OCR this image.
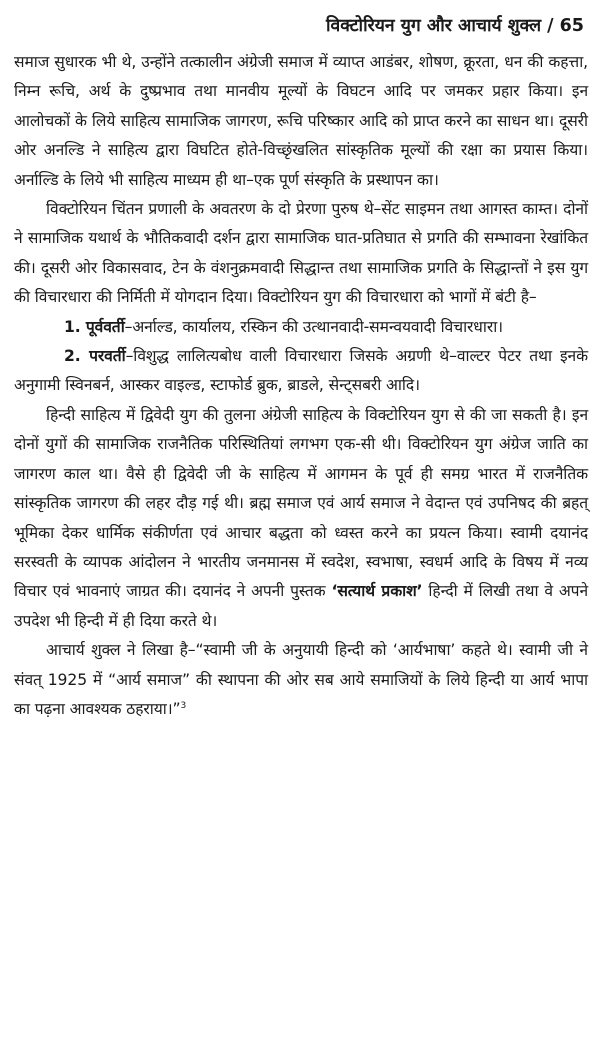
विक्टोरियन युग और आचार्य शुक्ल / 65

समाज सुधारक भी थे, उन्होंने तत्कालीन अंग्रेजी समाज में व्याप्त आडंबर, शोषण, क्रूरता, धन की कहत्ता, निम्न रूचि, अर्थ के दुष्प्रभाव तथा मानवीय मूल्यों के विघटन आदि पर जमकर प्रहार किया। इन आलोचकों के लिये साहित्य सामाजिक जागरण, रूचि परिष्कार आदि को प्राप्त करने का साधन था। दूसरी ओर अनल्डि ने साहित्य द्वारा विघटित होते-विच्छृंखलित सांस्कृतिक मूल्यों की रक्षा का प्रयास किया। अर्नाल्डि के लिये भी साहित्य माध्यम ही था–एक पूर्ण संस्कृति के प्रस्थापन का।

विक्टोरियन चिंतन प्रणाली के अवतरण के दो प्रेरणा पुरुष थे–सेंट साइमन तथा आगस्त काम्त। दोनों ने सामाजिक यथार्थ के भौतिकवादी दर्शन द्वारा सामाजिक घात-प्रतिघात से प्रगति की सम्भावना रेखांकित की। दूसरी ओर विकासवाद, टेन के वंशनुक्रमवादी सिद्धान्त तथा सामाजिक प्रगति के सिद्धान्तों ने इस युग की विचारधारा की निर्मिती में योगदान दिया। विक्टोरियन युग की विचारधारा को भागों में बंटी है–

1. पूर्ववर्ती–अर्नाल्ड, कार्यालय, रस्किन की उत्थानवादी-समन्वयवादी विचारधारा।

2. परवर्ती–विशुद्ध लालित्यबोध वाली विचारधारा जिसके अग्रणी थे–वाल्टर पेटर तथा इनके अनुगामी स्विनबर्न, आस्कर वाइल्ड, स्टाफोर्ड ब्रुक, ब्राडले, सेन्ट्सबरी आदि।

हिन्दी साहित्य में द्विवेदी युग की तुलना अंग्रेजी साहित्य के विक्टोरियन युग से की जा सकती है। इन दोनों युगों की सामाजिक राजनैतिक परिस्थितियां लगभग एक-सी थी। विक्टोरियन युग अंग्रेज जाति का जागरण काल था। वैसे ही द्विवेदी जी के साहित्य में आगमन के पूर्व ही समग्र भारत में राजनैतिक सांस्कृतिक जागरण की लहर दौड़ गई थी। ब्रह्म समाज एवं आर्य समाज ने वेदान्त एवं उपनिषद की ब्रहत् भूमिका देकर धार्मिक संकीर्णता एवं आचार बद्धता को ध्वस्त करने का प्रयत्न किया। स्वामी दयानंद सरस्वती के व्यापक आंदोलन ने भारतीय जनमानस में स्वदेश, स्वभाषा, स्वधर्म आदि के विषय में नव्य विचार एवं भावनाएं जाग्रत की। दयानंद ने अपनी पुस्तक ‘सत्यार्थ प्रकाश’ हिन्दी में लिखी तथा वे अपने उपदेश भी हिन्दी में ही दिया करते थे।

आचार्य शुक्ल ने लिखा है–“स्वामी जी के अनुयायी हिन्दी को ‘आर्यभाषा’ कहते थे। स्वामी जी ने संवत् 1925 में “आर्य समाज” की स्थापना की ओर सब आये समाजियों के लिये हिन्दी या आर्य भापा का पढ़ना आवश्यक ठहराया।”$^3$
